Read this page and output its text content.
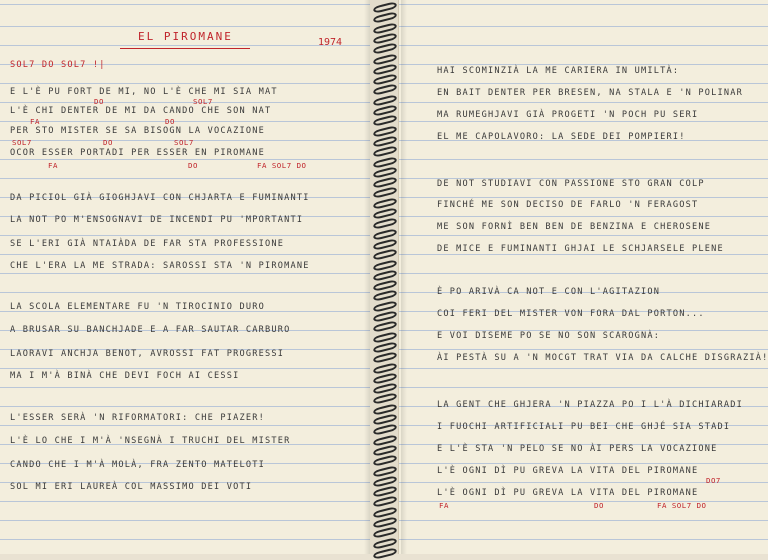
EL PIROMANE	1974
SOL7 DO SOL7 !|
E L'È PU FORT DE MI, NO L'È CHE MI SIA MAT
DO	SOL7
L'È CHI DENTER DE MI DA CANDO CHE SON NAT
FA	DO
PER STO MISTER SE SA BISOGN LA VOCAZIONE
SOL7	DO	SOL7
OCOR ESSER PORTADI PER ESSER EN PIROMANE
FA	DO	FA SOL7 DO
DA PICIOL GIÀ GIOGHJAVI CON CHJARTA E FUMINANTI
LA NOT PO M'ENSOGNAVI DE INCENDI PU 'MPORTANTI
SE L'ERI GIÀ NTAIÀDA DE FAR STA PROFESSIONE
CHE L'ERA LA ME STRADA: SAROSSI STA 'N PIROMANE
LA SCOLA ELEMENTARE FU 'N TIROCINIO DURO
A BRUSAR SU BANCHJADE E A FAR SAUTAR CARBURO
LAORAVI ANCHJA BENOT, AVROSSI FAT PROGRESSI
MA I M'À BINÀ CHE DEVI FOCH AI CESSI
L'ESSER SERÀ 'N RIFORMATORI: CHE PIAZER!
L'È LO CHE I M'À 'NSEGNÀ I TRUCHI DEL MISTER
CANDO CHE I M'À MOLÀ, FRA ZENTO MATELOTI
SOL MI ERI LAUREÀ COL MASSIMO DEI VOTI
HAI SCOMINZIÀ LA ME CARIERA IN UMILTÀ:
EN BAIT DENTER PER BRESEN, NA STALA E 'N POLINAR
MA RUMEGHJAVI GIÀ PROGETI 'N POCH PU SERI
EL ME CAPOLAVORO: LA SEDE DEI POMPIERI!
DE NOT STUDIAVI CON PASSIONE STO GRAN COLP
FINCHÉ ME SON DECISO DE FARLO 'N FERAGOST
ME SON FORNÌ BEN BEN DE BENZINA E CHEROSENE
DE MICE E FUMINANTI GHJAI LE SCHJARSELE PLENE
È PO ARIVÀ CA NOT E CON L'AGITAZION
COI FERI DEL MISTER VON FORA DAL PORTON...
E VOI DISEME PO SE NO SON SCAROGNÀ:
ÀI PESTÀ SU A 'N MOCGT TRAT VIA DA CALCHE DISGRAZIÀ!
LA GENT CHE GHJERA 'N PIAZZA PO I L'À DICHIARADI
I FUOCHI ARTIFICIALI PU BEI CHE GHJÉ SIA STADI
E L'È STA 'N PELO SE NO ÀI PERS LA VOCAZIONE
L'È OGNI DÌ PU GREVA LA VITA DEL PIROMANE
DO7
L'È OGNI DÌ PU GREVA LA VITA DEL PIROMANE
FA	DO	FA SOL7 DO
